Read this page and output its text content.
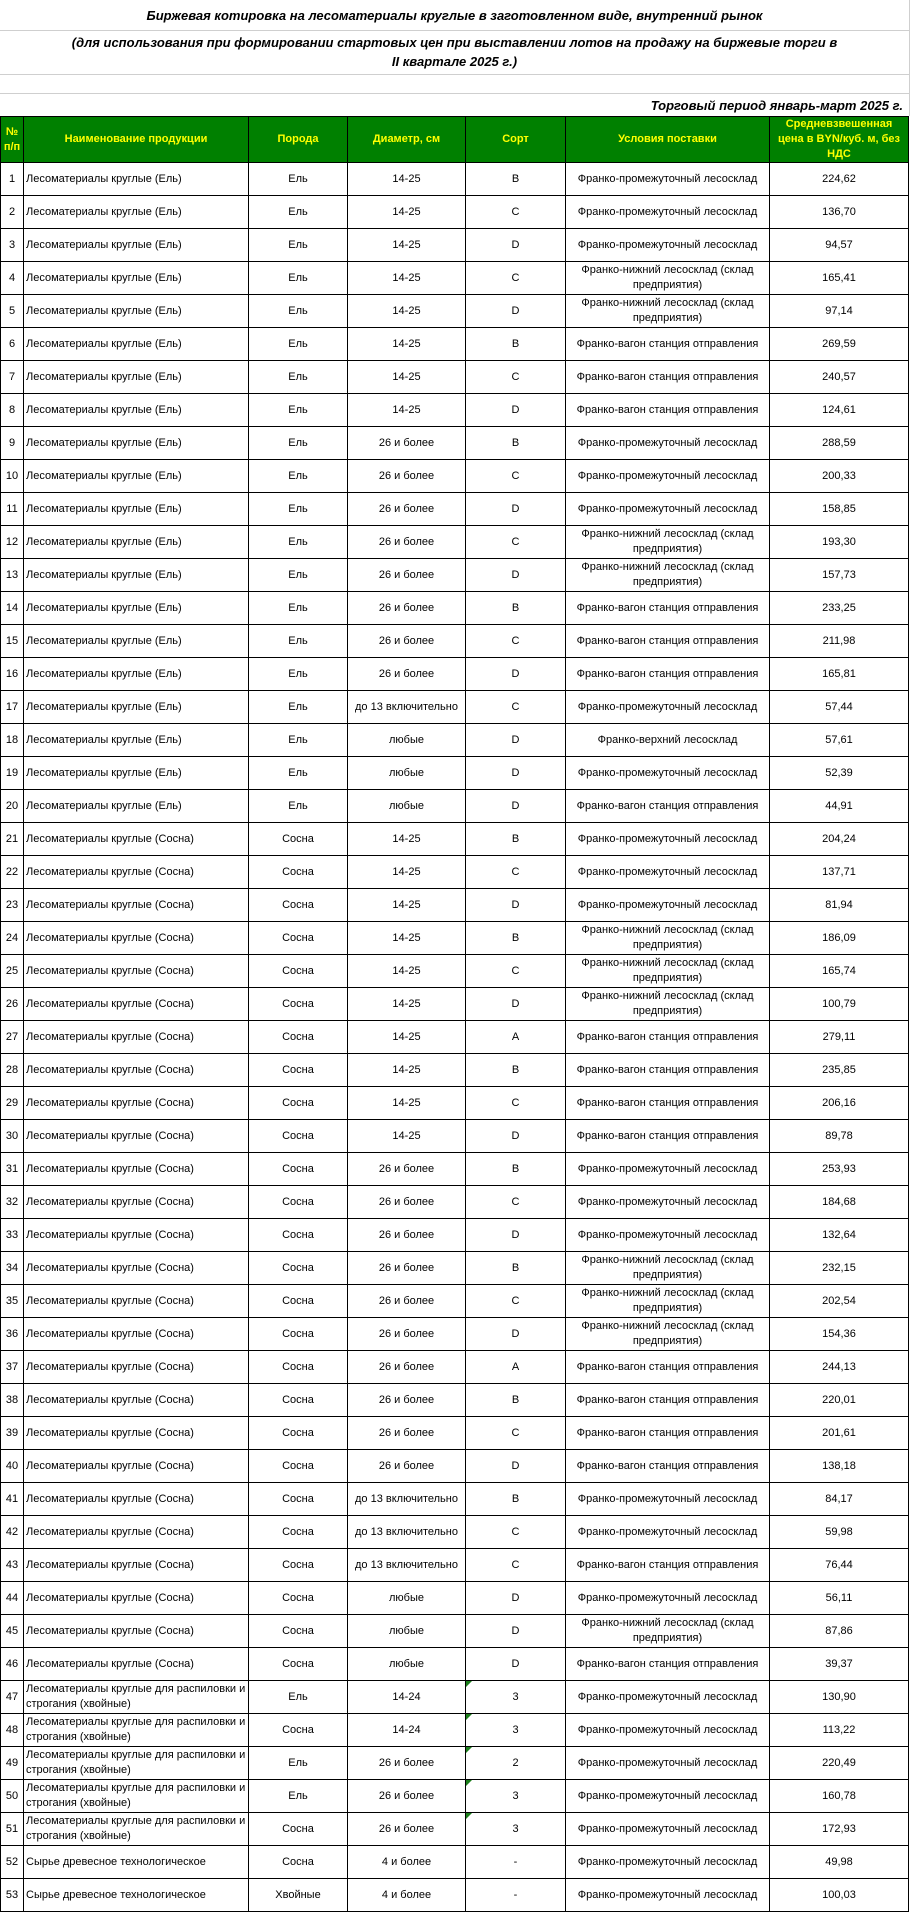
Биржевая котировка на лесоматериалы круглые в заготовленном виде, внутренний рынок
(для использования при формировании стартовых цен при выставлении лотов на продажу на биржевые торги в
II квартале 2025 г.)
Торговый период январь-март 2025 г.
№ п/п	Наименование продукции	Порода	Диаметр, см	Сорт	Условия поставки	Средневзвешенная цена в BYN/куб. м, без НДС
1	Лесоматериалы круглые (Ель)	Ель	14-25	B	Франко-промежуточный лесосклад	224,62
2	Лесоматериалы круглые (Ель)	Ель	14-25	C	Франко-промежуточный лесосклад	136,70
3	Лесоматериалы круглые (Ель)	Ель	14-25	D	Франко-промежуточный лесосклад	94,57
4	Лесоматериалы круглые (Ель)	Ель	14-25	C	Франко-нижний лесосклад (склад предприятия)	165,41
5	Лесоматериалы круглые (Ель)	Ель	14-25	D	Франко-нижний лесосклад (склад предприятия)	97,14
6	Лесоматериалы круглые (Ель)	Ель	14-25	B	Франко-вагон станция отправления	269,59
7	Лесоматериалы круглые (Ель)	Ель	14-25	C	Франко-вагон станция отправления	240,57
8	Лесоматериалы круглые (Ель)	Ель	14-25	D	Франко-вагон станция отправления	124,61
9	Лесоматериалы круглые (Ель)	Ель	26 и более	B	Франко-промежуточный лесосклад	288,59
10	Лесоматериалы круглые (Ель)	Ель	26 и более	C	Франко-промежуточный лесосклад	200,33
11	Лесоматериалы круглые (Ель)	Ель	26 и более	D	Франко-промежуточный лесосклад	158,85
12	Лесоматериалы круглые (Ель)	Ель	26 и более	C	Франко-нижний лесосклад (склад предприятия)	193,30
13	Лесоматериалы круглые (Ель)	Ель	26 и более	D	Франко-нижний лесосклад (склад предприятия)	157,73
14	Лесоматериалы круглые (Ель)	Ель	26 и более	B	Франко-вагон станция отправления	233,25
15	Лесоматериалы круглые (Ель)	Ель	26 и более	C	Франко-вагон станция отправления	211,98
16	Лесоматериалы круглые (Ель)	Ель	26 и более	D	Франко-вагон станция отправления	165,81
17	Лесоматериалы круглые (Ель)	Ель	до 13 включительно	C	Франко-промежуточный лесосклад	57,44
18	Лесоматериалы круглые (Ель)	Ель	любые	D	Франко-верхний лесосклад	57,61
19	Лесоматериалы круглые (Ель)	Ель	любые	D	Франко-промежуточный лесосклад	52,39
20	Лесоматериалы круглые (Ель)	Ель	любые	D	Франко-вагон станция отправления	44,91
21	Лесоматериалы круглые (Сосна)	Сосна	14-25	B	Франко-промежуточный лесосклад	204,24
22	Лесоматериалы круглые (Сосна)	Сосна	14-25	C	Франко-промежуточный лесосклад	137,71
23	Лесоматериалы круглые (Сосна)	Сосна	14-25	D	Франко-промежуточный лесосклад	81,94
24	Лесоматериалы круглые (Сосна)	Сосна	14-25	B	Франко-нижний лесосклад (склад предприятия)	186,09
25	Лесоматериалы круглые (Сосна)	Сосна	14-25	C	Франко-нижний лесосклад (склад предприятия)	165,74
26	Лесоматериалы круглые (Сосна)	Сосна	14-25	D	Франко-нижний лесосклад (склад предприятия)	100,79
27	Лесоматериалы круглые (Сосна)	Сосна	14-25	A	Франко-вагон станция отправления	279,11
28	Лесоматериалы круглые (Сосна)	Сосна	14-25	B	Франко-вагон станция отправления	235,85
29	Лесоматериалы круглые (Сосна)	Сосна	14-25	C	Франко-вагон станция отправления	206,16
30	Лесоматериалы круглые (Сосна)	Сосна	14-25	D	Франко-вагон станция отправления	89,78
31	Лесоматериалы круглые (Сосна)	Сосна	26 и более	B	Франко-промежуточный лесосклад	253,93
32	Лесоматериалы круглые (Сосна)	Сосна	26 и более	C	Франко-промежуточный лесосклад	184,68
33	Лесоматериалы круглые (Сосна)	Сосна	26 и более	D	Франко-промежуточный лесосклад	132,64
34	Лесоматериалы круглые (Сосна)	Сосна	26 и более	B	Франко-нижний лесосклад (склад предприятия)	232,15
35	Лесоматериалы круглые (Сосна)	Сосна	26 и более	C	Франко-нижний лесосклад (склад предприятия)	202,54
36	Лесоматериалы круглые (Сосна)	Сосна	26 и более	D	Франко-нижний лесосклад (склад предприятия)	154,36
37	Лесоматериалы круглые (Сосна)	Сосна	26 и более	A	Франко-вагон станция отправления	244,13
38	Лесоматериалы круглые (Сосна)	Сосна	26 и более	B	Франко-вагон станция отправления	220,01
39	Лесоматериалы круглые (Сосна)	Сосна	26 и более	C	Франко-вагон станция отправления	201,61
40	Лесоматериалы круглые (Сосна)	Сосна	26 и более	D	Франко-вагон станция отправления	138,18
41	Лесоматериалы круглые (Сосна)	Сосна	до 13 включительно	B	Франко-промежуточный лесосклад	84,17
42	Лесоматериалы круглые (Сосна)	Сосна	до 13 включительно	C	Франко-промежуточный лесосклад	59,98
43	Лесоматериалы круглые (Сосна)	Сосна	до 13 включительно	C	Франко-вагон станция отправления	76,44
44	Лесоматериалы круглые (Сосна)	Сосна	любые	D	Франко-промежуточный лесосклад	56,11
45	Лесоматериалы круглые (Сосна)	Сосна	любые	D	Франко-нижний лесосклад (склад предприятия)	87,86
46	Лесоматериалы круглые (Сосна)	Сосна	любые	D	Франко-вагон станция отправления	39,37
47	Лесоматериалы круглые для распиловки и строгания (хвойные)	Ель	14-24	3	Франко-промежуточный лесосклад	130,90
48	Лесоматериалы круглые для распиловки и строгания (хвойные)	Сосна	14-24	3	Франко-промежуточный лесосклад	113,22
49	Лесоматериалы круглые для распиловки и строгания (хвойные)	Ель	26 и более	2	Франко-промежуточный лесосклад	220,49
50	Лесоматериалы круглые для распиловки и строгания (хвойные)	Ель	26 и более	3	Франко-промежуточный лесосклад	160,78
51	Лесоматериалы круглые для распиловки и строгания (хвойные)	Сосна	26 и более	3	Франко-промежуточный лесосклад	172,93
52	Сырье древесное технологическое	Сосна	4 и более	-	Франко-промежуточный лесосклад	49,98
53	Сырье древесное технологическое	Хвойные	4 и более	-	Франко-промежуточный лесосклад	100,03
